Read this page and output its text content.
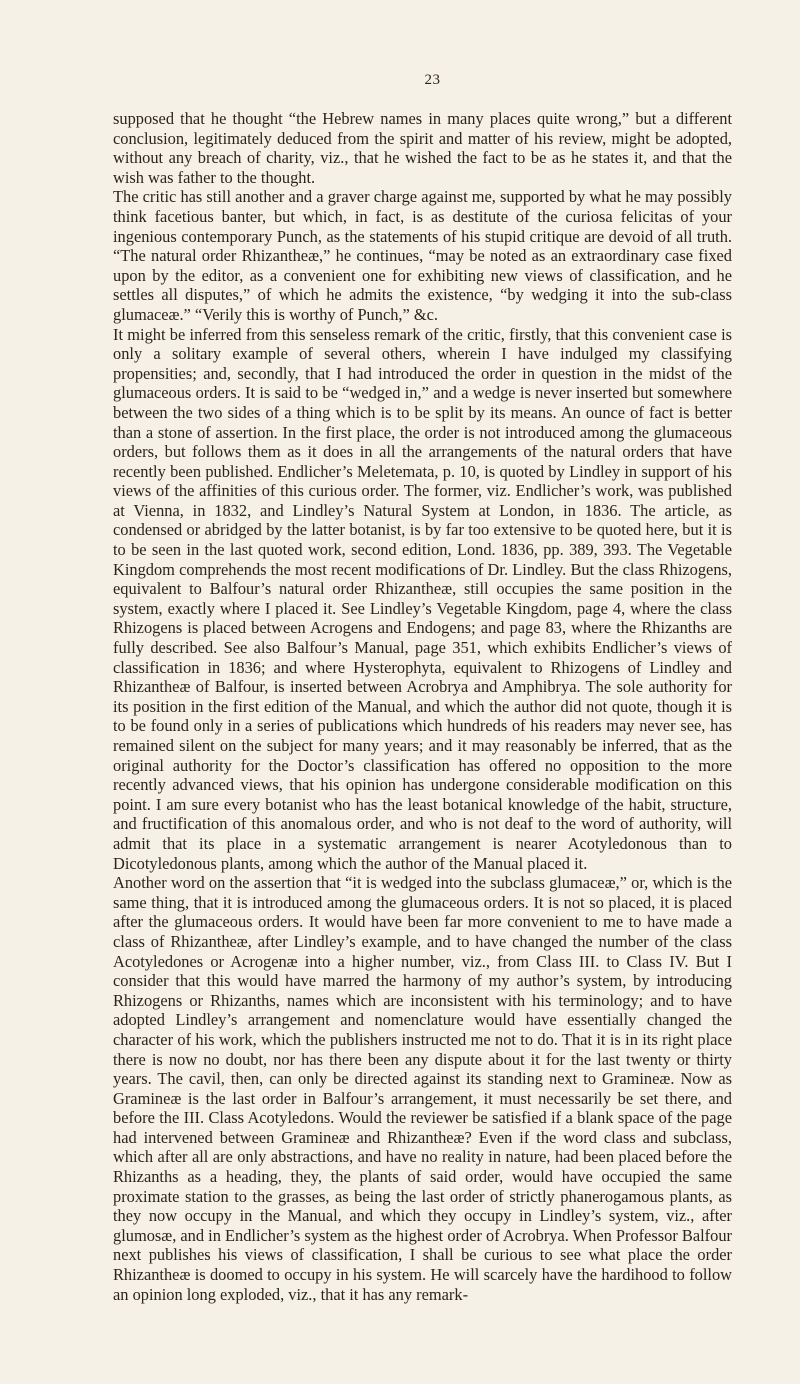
23

supposed that he thought “the Hebrew names in many places quite wrong,” but a different conclusion, legitimately deduced from the spirit and matter of his review, might be adopted, without any breach of charity, viz., that he wished the fact to be as he states it, and that the wish was father to the thought.

The critic has still another and a graver charge against me, supported by what he may possibly think facetious banter, but which, in fact, is as destitute of the curiosa felicitas of your ingenious contemporary Punch, as the statements of his stupid critique are devoid of all truth. “The natural order Rhizantheæ,” he continues, “may be noted as an extraordinary case fixed upon by the editor, as a convenient one for exhibiting new views of classification, and he settles all disputes,” of which he admits the existence, “by wedging it into the sub-class glumaceæ.” “Verily this is worthy of Punch,” &c.

It might be inferred from this senseless remark of the critic, firstly, that this convenient case is only a solitary example of several others, wherein I have indulged my classifying propensities; and, secondly, that I had introduced the order in question in the midst of the glumaceous orders. It is said to be “wedged in,” and a wedge is never inserted but somewhere between the two sides of a thing which is to be split by its means. An ounce of fact is better than a stone of assertion. In the first place, the order is not introduced among the glumaceous orders, but follows them as it does in all the arrangements of the natural orders that have recently been published. Endlicher’s Meletemata, p. 10, is quoted by Lindley in support of his views of the affinities of this curious order. The former, viz. Endlicher’s work, was published at Vienna, in 1832, and Lindley’s Natural System at London, in 1836. The article, as condensed or abridged by the latter botanist, is by far too extensive to be quoted here, but it is to be seen in the last quoted work, second edition, Lond. 1836, pp. 389, 393. The Vegetable Kingdom comprehends the most recent modifications of Dr. Lindley. But the class Rhizogens, equivalent to Balfour’s natural order Rhizantheæ, still occupies the same position in the system, exactly where I placed it. See Lindley’s Vegetable Kingdom, page 4, where the class Rhizogens is placed between Acrogens and Endogens; and page 83, where the Rhizanths are fully described. See also Balfour’s Manual, page 351, which exhibits Endlicher’s views of classification in 1836; and where Hysterophyta, equivalent to Rhizogens of Lindley and Rhizantheæ of Balfour, is inserted between Acrobrya and Amphibrya. The sole authority for its position in the first edition of the Manual, and which the author did not quote, though it is to be found only in a series of publications which hundreds of his readers may never see, has remained silent on the subject for many years; and it may reasonably be inferred, that as the original authority for the Doctor’s classification has offered no opposition to the more recently advanced views, that his opinion has undergone considerable modification on this point. I am sure every botanist who has the least botanical knowledge of the habit, structure, and fructification of this anomalous order, and who is not deaf to the word of authority, will admit that its place in a systematic arrangement is nearer Acotyledonous than to Dicotyledonous plants, among which the author of the Manual placed it.

Another word on the assertion that “it is wedged into the subclass glumaceæ,” or, which is the same thing, that it is introduced among the glumaceous orders. It is not so placed, it is placed after the glumaceous orders. It would have been far more convenient to me to have made a class of Rhizantheæ, after Lindley’s example, and to have changed the number of the class Acotyledones or Acrogenæ into a higher number, viz., from Class III. to Class IV. But I consider that this would have marred the harmony of my author’s system, by introducing Rhizogens or Rhizanths, names which are inconsistent with his terminology; and to have adopted Lindley’s arrangement and nomenclature would have essentially changed the character of his work, which the publishers instructed me not to do. That it is in its right place there is now no doubt, nor has there been any dispute about it for the last twenty or thirty years. The cavil, then, can only be directed against its standing next to Gramineæ. Now as Gramineæ is the last order in Balfour’s arrangement, it must necessarily be set there, and before the III. Class Acotyledons. Would the reviewer be satisfied if a blank space of the page had intervened between Gramineæ and Rhizantheæ? Even if the word class and subclass, which after all are only abstractions, and have no reality in nature, had been placed before the Rhizanths as a heading, they, the plants of said order, would have occupied the same proximate station to the grasses, as being the last order of strictly phanerogamous plants, as they now occupy in the Manual, and which they occupy in Lindley’s system, viz., after glumosæ, and in Endlicher’s system as the highest order of Acrobrya. When Professor Balfour next publishes his views of classification, I shall be curious to see what place the order Rhizantheæ is doomed to occupy in his system. He will scarcely have the hardihood to follow an opinion long exploded, viz., that it has any remark-
